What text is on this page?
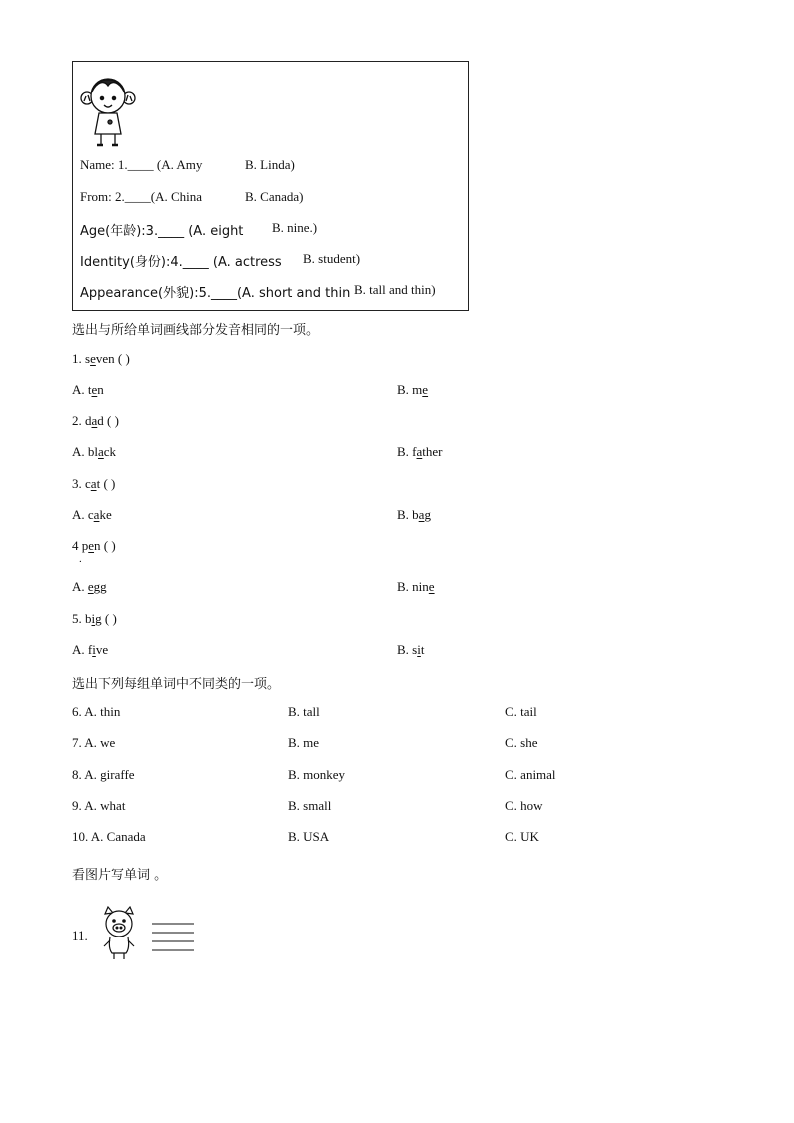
Name: 1.____ (A. Amy	B. Linda)
From: 2.____(A. China	B. Canada)
Age(年龄):3.____ (A. eight B. nine.)
Identity(身份):4.____ (A. actress B. student)
Appearance(外貌):5.____(A. short and thin B. tall and thin)
选出与所给单词画线部分发音相同的一项。
1. seven ( )
A. ten	B. me
2. dad ( )
A. black	B. father
3. cat ( )
A. cake	B. bag
4 pen ( )
.
A. egg	B. nine
5. big ( )
A. five	B. sit
选出下列每组单词中不同类的一项。
6. A. thin	B. tall	C. tail
7. A. we	B. me	C. she
8. A. giraffe	B. monkey	C. animal
9. A. what	B. small	C. how
10. A. Canada	B. USA	C. UK
看图片写单词 。
11.
